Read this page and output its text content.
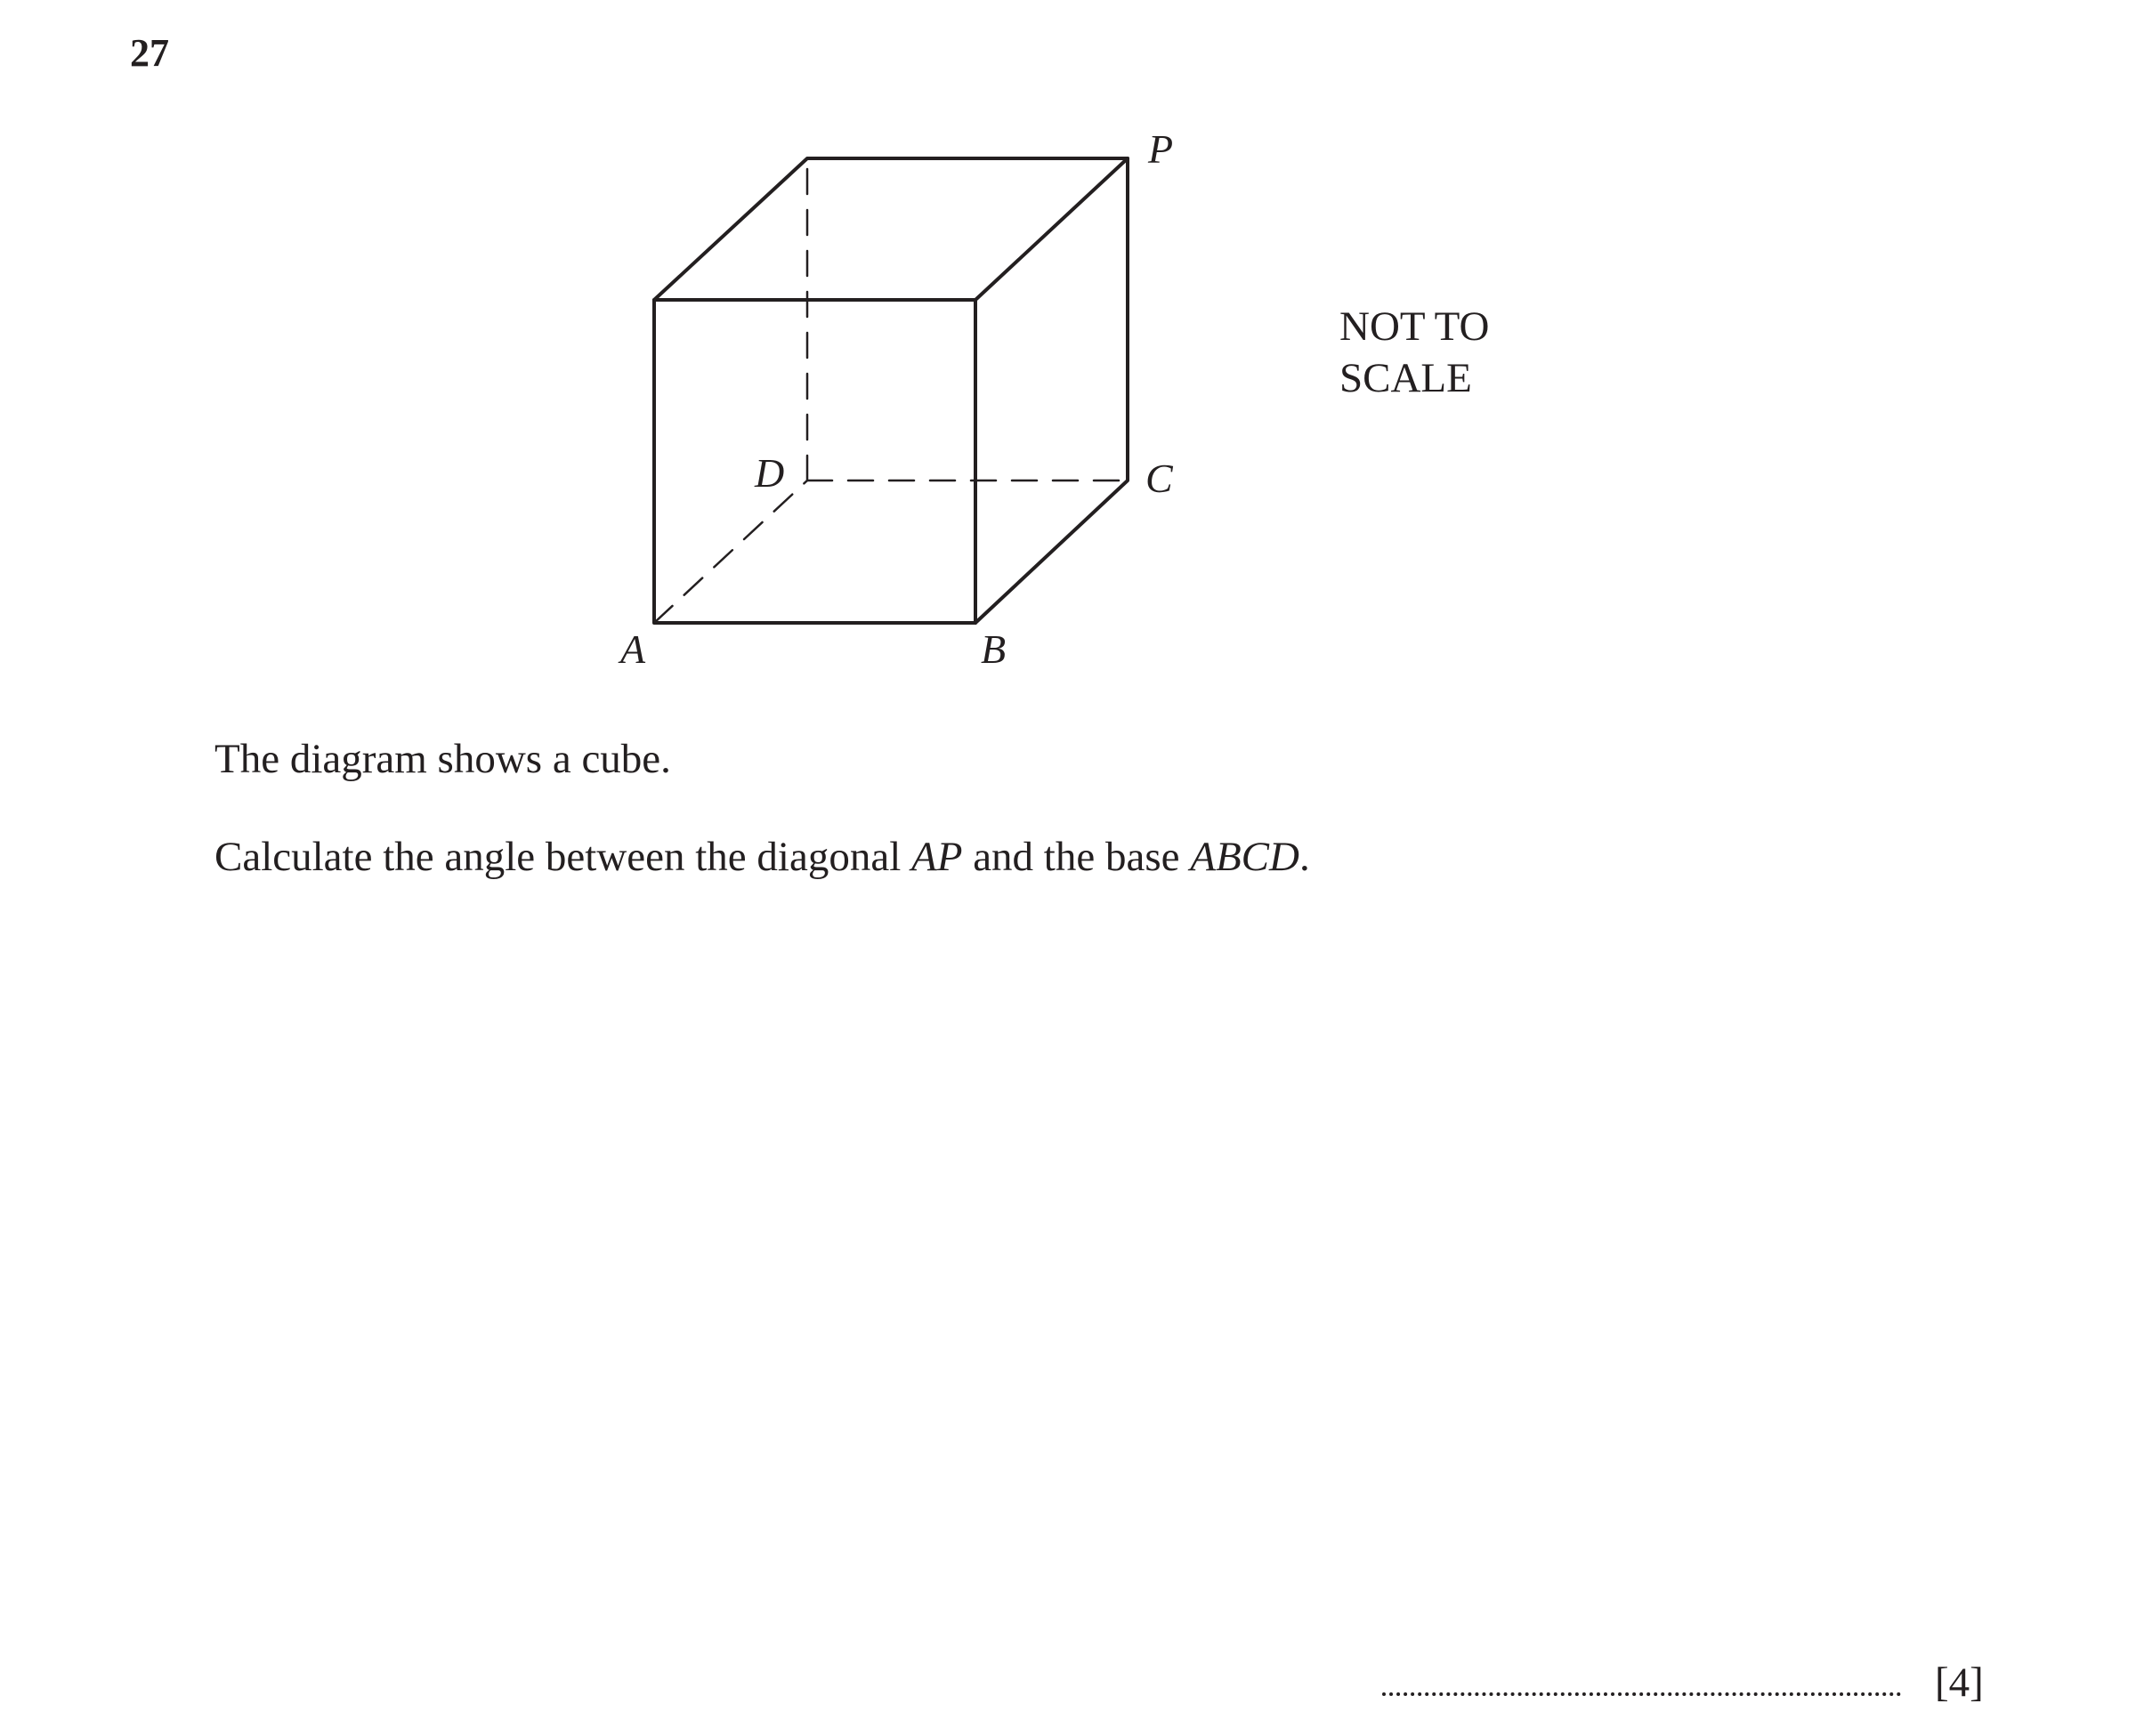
27
P
D	C
A	B
NOT TO
SCALE
The diagram shows a cube.
Calculate the angle between the diagonal AP and the base ABCD.
[4]
